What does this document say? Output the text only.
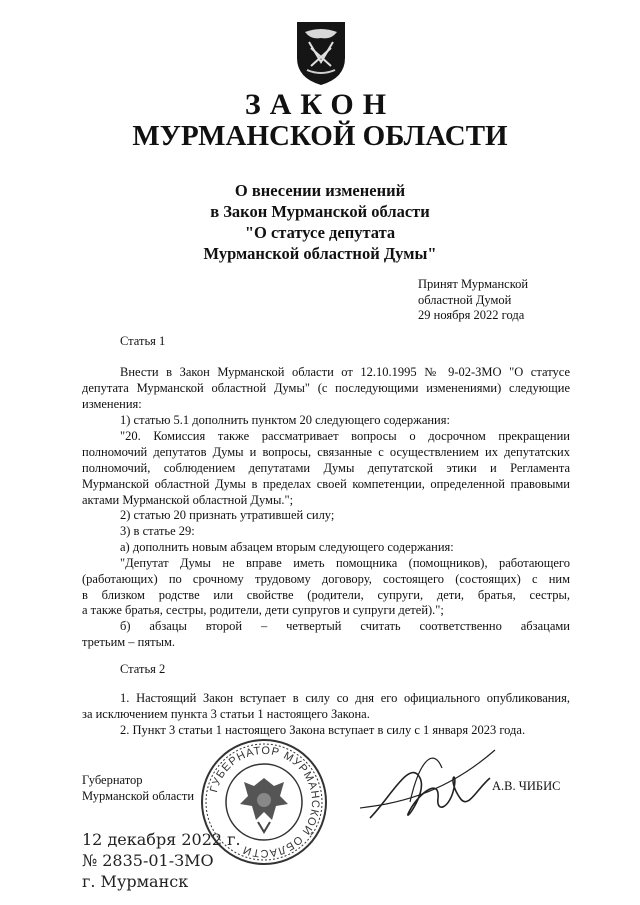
ЗАКОН
МУРМАНСКОЙ ОБЛАСТИ
О внесении изменений
в Закон Мурманской области
"О статусе депутата
Мурманской областной Думы"
Принят Мурманской
областной Думой
29 ноября 2022 года
Статья 1
Внести в Закон Мурманской области от 12.10.1995 № 9-02-ЗМО "О статусе
депутата Мурманской областной Думы" (с последующими изменениями) следующие
изменения:
1) статью 5.1 дополнить пунктом 20 следующего содержания:
"20. Комиссия также рассматривает вопросы о досрочном прекращении
полномочий депутатов Думы и вопросы, связанные с осуществлением их депутатских
полномочий, соблюдением депутатами Думы депутатской этики и Регламента
Мурманской областной Думы в пределах своей компетенции, определенной правовыми
актами Мурманской областной Думы.";
2) статью 20 признать утратившей силу;
3) в статье 29:
а) дополнить новым абзацем вторым следующего содержания:
"Депутат Думы не вправе иметь помощника (помощников), работающего
(работающих) по срочному трудовому договору, состоящего (состоящих) с ним
в близком родстве или свойстве (родители, супруги, дети, братья, сестры,
а также братья, сестры, родители, дети супругов и супруги детей).";
б) абзацы второй – четвертый считать соответственно абзацами
третьим – пятым.
Статья 2
1. Настоящий Закон вступает в силу со дня его официального опубликования,
за исключением пункта 3 статьи 1 настоящего Закона.
2. Пункт 3 статьи 1 настоящего Закона вступает в силу с 1 января 2023 года.
Губернатор
Мурманской области
ГУБЕРНАТОР МУРМАНСКОЙ ОБЛАСТИ
А.В. ЧИБИС
12 декабря 2022 г.
№ 2835-01-ЗМО
г. Мурманск
